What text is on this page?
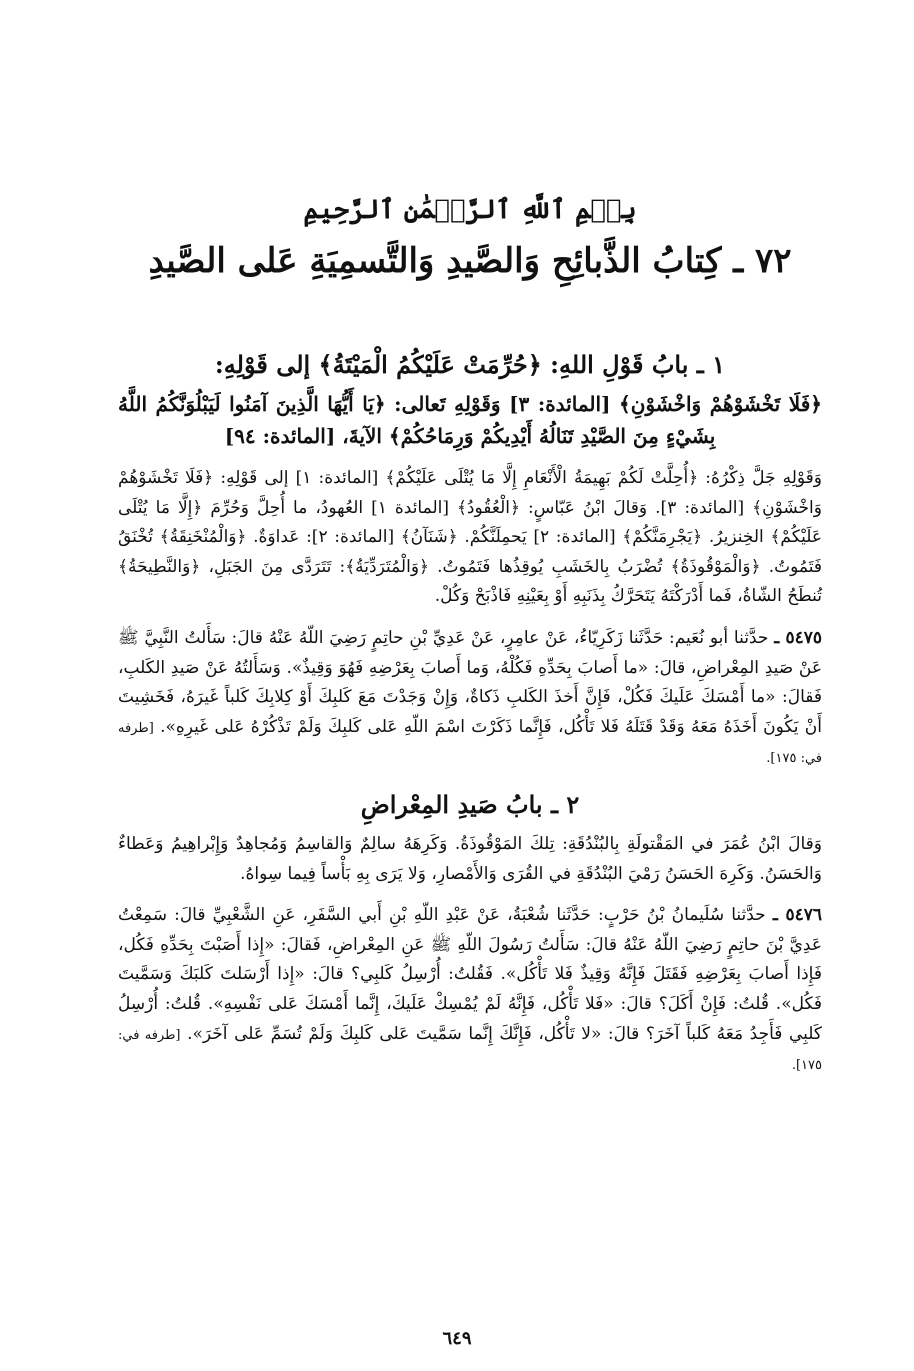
بِسۡمِ ٱللَّهِ ٱلرَّحۡمَٰنِ ٱلرَّحِيمِ
٧٢ ـ كِتابُ الذَّبائِحِ وَالصَّيدِ وَالتَّسمِيَةِ عَلى الصَّيدِ
١ ـ بابُ قَوْلِ اللهِ: ﴿حُرِّمَتْ عَلَيْكُمُ الْمَيْتَةُ﴾ إلى قَوْلِهِ:
﴿فَلَا تَخْشَوْهُمْ وَاخْشَوْنِ﴾ [المائدة: ٣] وَقَوْلِهِ تَعالى: ﴿يَا أَيُّهَا الَّذِينَ آمَنُوا لَيَبْلُوَنَّكُمُ اللَّهُ بِشَيْءٍ مِنَ الصَّيْدِ تَنَالُهُ أَيْدِيكُمْ وَرِمَاحُكُمْ﴾ الآيةَ، [المائدة: ٩٤]

وَقَوْلِهِ جَلَّ ذِكْرُهُ: ﴿أُحِلَّتْ لَكُمْ بَهِيمَةُ الْأَنْعَامِ إِلَّا مَا يُتْلَى عَلَيْكُمْ﴾ [المائدة: ١] إلى قَوْلِهِ: ﴿فَلَا تَخْشَوْهُمْ وَاخْشَوْنِ﴾ [المائدة: ٣]. وَقالَ ابْنُ عَبّاسٍ: ﴿الْعُقُودُ﴾ [المائدة ١] العُهودُ، ما أُحِلَّ وَحُرِّمَ ﴿إِلَّا مَا يُتْلَى عَلَيْكُمْ﴾ الخِنزيرُ. ﴿يَجْرِمَنَّكُمْ﴾ [المائدة: ٢] يَحمِلَنَّكُمْ. ﴿شَنَآنُ﴾ [المائدة: ٢]: عَداوَةٌ. ﴿وَالْمُنْخَنِقَةُ﴾ تُخْنَقُ فَتَمُوتُ. ﴿وَالْمَوْقُوذَةُ﴾ تُضْرَبُ بِالخَشَبِ يُوقِذُها فَتَمُوتُ. ﴿وَالْمُتَرَدِّيَةُ﴾: تَتَرَدَّى مِنَ الجَبَلِ، ﴿وَالنَّطِيحَةُ﴾ تُنطَحُ الشّاةُ، فَما أَدْرَكْتَهُ يَتَحَرَّكُ بِذَنَبِهِ أَوْ بِعَيْنِهِ فَاذْبَحْ وَكُلْ.

٥٤٧٥ ـ حدَّثنا أبو نُعَيم: حَدَّثَنا زَكَرِيّاءُ، عَنْ عامِرٍ، عَنْ عَدِيِّ بْنِ حاتِمٍ رَضِيَ اللّهُ عَنْهُ قالَ: سَأَلتُ النَّبِيَّ ﷺ عَنْ صَيدِ المِعْراضِ، قالَ: «ما أَصابَ بِحَدِّهِ فَكُلْهُ، وَما أَصابَ بِعَرْضِهِ فَهُوَ وَقِيذٌ». وَسَأَلتُهُ عَنْ صَيدِ الكَلبِ، فَقالَ: «ما أَمْسَكَ عَلَيكَ فَكُلْ، فَإِنَّ أَخذَ الكَلبِ ذَكاةٌ، وَإِنْ وَجَدْتَ مَعَ كَلبِكَ أَوْ كِلابِكَ كَلباً غَيرَهُ، فَخَشِيتَ أَنْ يَكُونَ أَخَذَهُ مَعَهُ وَقَدْ قَتَلَهُ فَلا تَأْكُل، فَإِنَّما ذَكَرْتَ اسْمَ اللّهِ عَلى كَلبِكَ وَلَمْ تَذْكُرْهُ عَلى غَيرِهِ». [طرفه في: ١٧٥].

٢ ـ بابُ صَيدِ المِعْراضِ

وَقالَ ابْنُ عُمَرَ في المَقْتولَةِ بِالبُنْدُقَةِ: تِلكَ المَوْقُوذَةُ. وَكَرِهَهُ سالِمٌ وَالقاسِمُ وَمُجاهِدٌ وَإِبْراهِيمُ وَعَطاءٌ وَالحَسَنُ. وَكَرِهَ الحَسَنُ رَمْيَ البُنْدُقَةِ في القُرَى وَالأَمْصارِ، وَلا يَرَى بِهِ بَأْساً فِيما سِواهُ.

٥٤٧٦ ـ حدَّثنا سُلَيمانُ بْنُ حَرْبٍ: حَدَّثَنا شُعْبَةُ، عَنْ عَبْدِ اللّهِ بْنِ أَبي السَّفَرِ، عَنِ الشَّعْبِيِّ قالَ: سَمِعْتُ عَدِيَّ بْنَ حاتِمٍ رَضِيَ اللّهُ عَنْهُ قالَ: سَأَلتُ رَسُولَ اللّهِ ﷺ عَنِ المِعْراضِ، فَقالَ: «إِذا أَصَبْتَ بِحَدِّهِ فَكُل، فَإِذا أَصابَ بِعَرْضِهِ فَقَتَلَ فَإِنَّهُ وَقِيذٌ فَلا تَأْكُل». فَقُلتُ: أُرْسِلُ كَلبِي؟ قالَ: «إِذا أَرْسَلتَ كَلبَكَ وَسَمَّيتَ فَكُل». قُلتُ: فَإِنْ أَكَلَ؟ قالَ: «فَلا تَأْكُل، فَإِنَّهُ لَمْ يُمْسِكْ عَلَيكَ، إِنَّما أَمْسَكَ عَلى نَفْسِهِ». قُلتُ: أُرْسِلُ كَلبِي فَأَجِدُ مَعَهُ كَلباً آخَرَ؟ قالَ: «لا تَأْكُل، فَإِنَّكَ إِنَّما سَمَّيتَ عَلى كَلبِكَ وَلَمْ تُسَمِّ عَلى آخَرَ». [طرفه في: ١٧٥].

٦٤٩
